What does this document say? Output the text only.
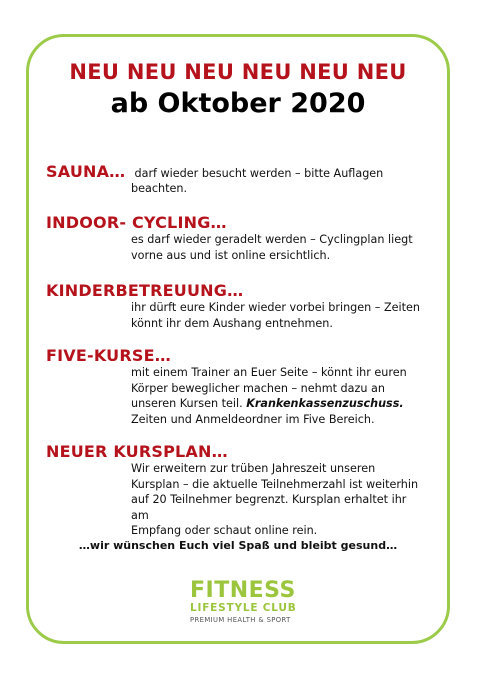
NEU NEU NEU NEU NEU NEU
ab Oktober 2020
SAUNA… darf wieder besucht werden – bitte Auflagen
beachten.
INDOOR- CYCLING…
es darf wieder geradelt werden – Cyclingplan liegt
vorne aus und ist online ersichtlich.
KINDERBETREUUNG…
ihr dürft eure Kinder wieder vorbei bringen – Zeiten
könnt ihr dem Aushang entnehmen.
FIVE-KURSE…
mit einem Trainer an Euer Seite – könnt ihr euren
Körper beweglicher machen – nehmt dazu an
unseren Kursen teil. Krankenkassenzuschuss.
Zeiten und Anmeldeordner im Five Bereich.
NEUER KURSPLAN…
Wir erweitern zur trüben Jahreszeit unseren
Kursplan – die aktuelle Teilnehmerzahl ist weiterhin
auf 20 Teilnehmer begrenzt. Kursplan erhaltet ihr am
Empfang oder schaut online rein.
…wir wünschen Euch viel Spaß und bleibt gesund…
FITNESS
LIFESTYLE CLUB
PREMIUM HEALTH & SPORT
